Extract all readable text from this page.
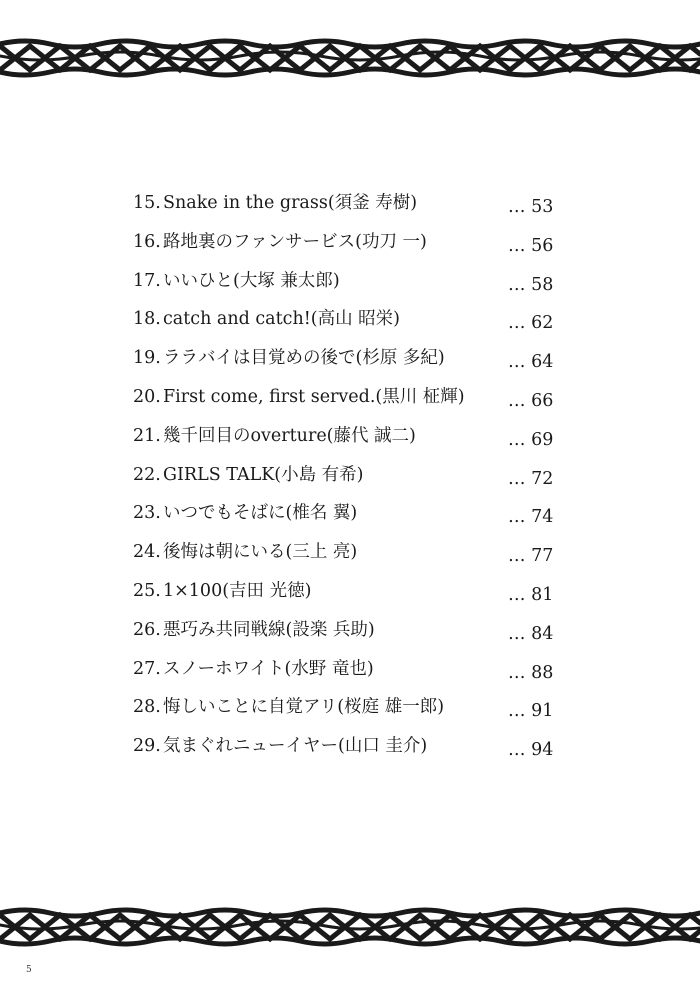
15. Snake in the grass(須釜 寿樹)	… 53
16. 路地裏のファンサービス(功刀 一)	… 56
17. いいひと(大塚 兼太郎)	… 58
18. catch and catch!(高山 昭栄)	… 62
19. ララバイは目覚めの後で(杉原 多紀)	… 64
20. First come, first served.(黒川 柾輝) … 66
21. 幾千回目のoverture(藤代 誠二)	… 69
22. GIRLS TALK(小島 有希)	… 72
23. いつでもそばに(椎名 翼)	… 74
24. 後悔は朝にいる(三上 亮)	… 77
25. 1×100(吉田 光徳)	… 81
26. 悪巧み共同戦線(設楽 兵助)	… 84
27. スノーホワイト(水野 竜也)	… 88
28. 悔しいことに自覚アリ(桜庭 雄一郎)	… 91
29. 気まぐれニューイヤー(山口 圭介)	… 94
5
